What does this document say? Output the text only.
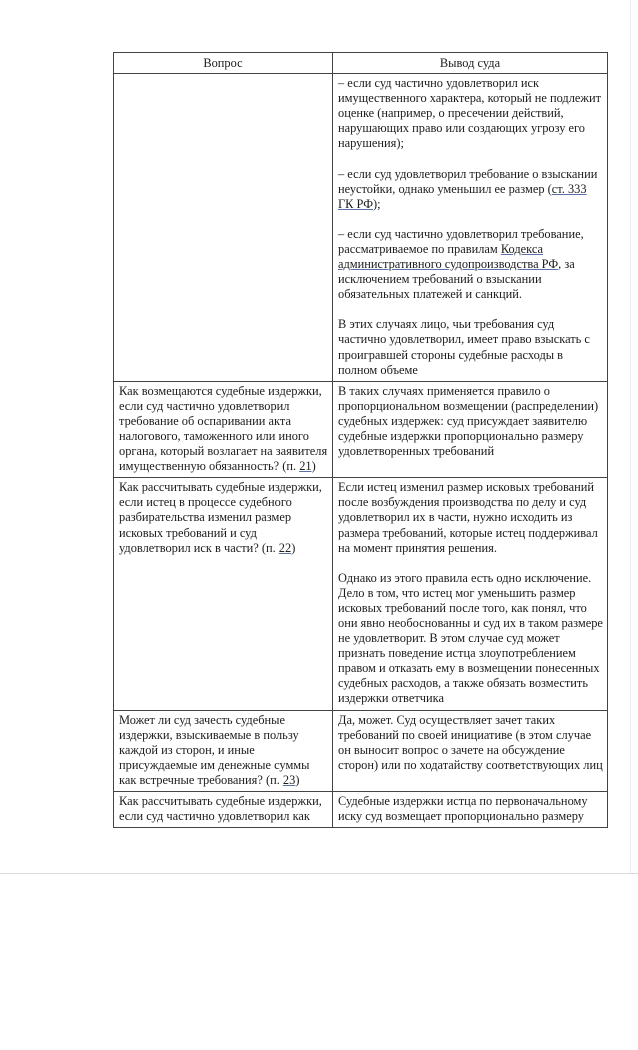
Вопрос	Вывод суда

	– если суд частично удовлетворил иск имущественного характера, который не подлежит оценке (например, о пресечении действий, нарушающих право или создающих угрозу его нарушения);

– если суд удовлетворил требование о взыскании неустойки, однако уменьшил ее размер (ст. 333 ГК РФ);

– если суд частично удовлетворил требование, рассматриваемое по правилам Кодекса административного судопроизводства РФ, за исключением требований о взыскании обязательных платежей и санкций.

В этих случаях лицо, чьи требования суд частично удовлетворил, имеет право взыскать с проигравшей стороны судебные расходы в полном объеме

Как возмещаются судебные издержки, если суд частично удовлетворил требование об оспаривании акта налогового, таможенного или иного органа, который возлагает на заявителя имущественную обязанность? (п. 21)	В таких случаях применяется правило о пропорциональном возмещении (распределении) судебных издержек: суд присуждает заявителю судебные издержки пропорционально размеру удовлетворенных требований

Как рассчитывать судебные издержки, если истец в процессе судебного разбирательства изменил размер исковых требований и суд удовлетворил иск в части? (п. 22)	Если истец изменил размер исковых требований после возбуждения производства по делу и суд удовлетворил их в части, нужно исходить из размера требований, которые истец поддерживал на момент принятия решения.

Однако из этого правила есть одно исключение. Дело в том, что истец мог уменьшить размер исковых требований после того, как понял, что они явно необоснованны и суд их в таком размере не удовлетворит. В этом случае суд может признать поведение истца злоупотреблением правом и отказать ему в возмещении понесенных судебных расходов, а также обязать возместить издержки ответчика

Может ли суд зачесть судебные издержки, взыскиваемые в пользу каждой из сторон, и иные присуждаемые им денежные суммы как встречные требования? (п. 23)	Да, может. Суд осуществляет зачет таких требований по своей инициативе (в этом случае он выносит вопрос о зачете на обсуждение сторон) или по ходатайству соответствующих лиц

Как рассчитывать судебные издержки, если суд частично удовлетворил как	Судебные издержки истца по первоначальному иску суд возмещает пропорционально размеру
